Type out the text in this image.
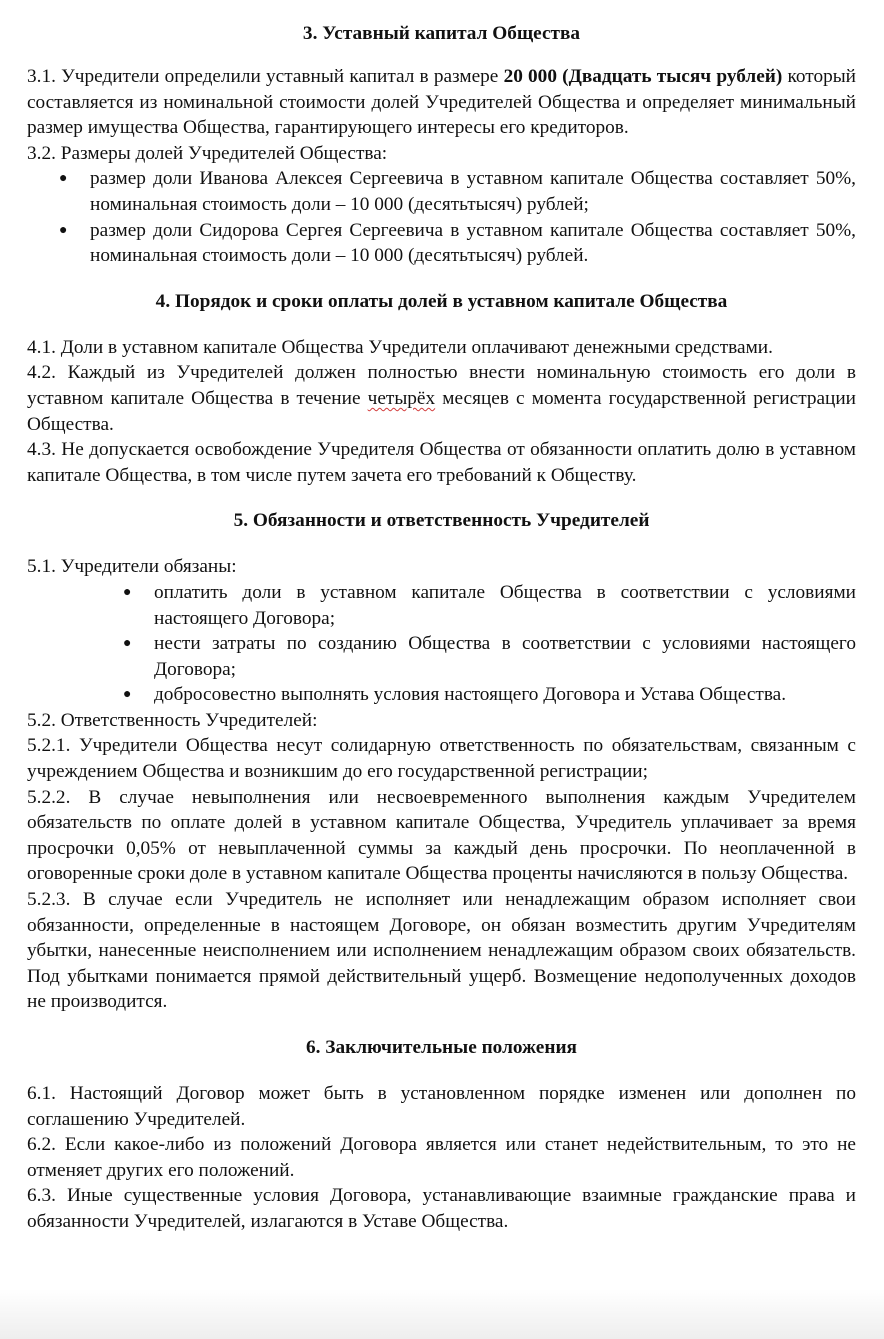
3. Уставный капитал Общества

3.1. Учредители определили уставный капитал в размере 20 000 (Двадцать тысяч рублей) который составляется из номинальной стоимости долей Учредителей Общества и определяет минимальный размер имущества Общества, гарантирующего интересы его кредиторов.

3.2. Размеры долей Учредителей Общества:

● размер доли Иванова Алексея Сергеевича в уставном капитале Общества составляет 50%, номинальная стоимость доли – 10 000 (десятьтысяч) рублей;
● размер доли Сидорова Сергея Сергеевича в уставном капитале Общества составляет 50%, номинальная стоимость доли – 10 000 (десятьтысяч) рублей.
4. Порядок и сроки оплаты долей в уставном капитале Общества

4.1. Доли в уставном капитале Общества Учредители оплачивают денежными средствами.

4.2. Каждый из Учредителей должен полностью внести номинальную стоимость его доли в уставном капитале Общества в течение четырёх месяцев с момента государственной регистрации Общества.

4.3. Не допускается освобождение Учредителя Общества от обязанности оплатить долю в уставном капитале Общества, в том числе путем зачета его требований к Обществу.

5. Обязанности и ответственность Учредителей

5.1. Учредители обязаны:

● оплатить доли в уставном капитале Общества в соответствии с условиями настоящего Договора;
● нести затраты по созданию Общества в соответствии с условиями настоящего Договора;
● добросовестно выполнять условия настоящего Договора и Устава Общества.

5.2. Ответственность Учредителей:

5.2.1. Учредители Общества несут солидарную ответственность по обязательствам, связанным с учреждением Общества и возникшим до его государственной регистрации;

5.2.2. В случае невыполнения или несвоевременного выполнения каждым Учредителем обязательств по оплате долей в уставном капитале Общества, Учредитель уплачивает за время просрочки 0,05% от невыплаченной суммы за каждый день просрочки. По неоплаченной в оговоренные сроки доле в уставном капитале Общества проценты начисляются в пользу Общества.

5.2.3. В случае если Учредитель не исполняет или ненадлежащим образом исполняет свои обязанности, определенные в настоящем Договоре, он обязан возместить другим Учредителям убытки, нанесенные неисполнением или исполнением ненадлежащим образом своих обязательств. Под убытками понимается прямой действительный ущерб. Возмещение недополученных доходов не производится.

6. Заключительные положения

6.1. Настоящий Договор может быть в установленном порядке изменен или дополнен по соглашению Учредителей.

6.2. Если какое-либо из положений Договора является или станет недействительным, то это не отменяет других его положений.

6.3. Иные существенные условия Договора, устанавливающие взаимные гражданские права и обязанности Учредителей, излагаются в Уставе Общества.
